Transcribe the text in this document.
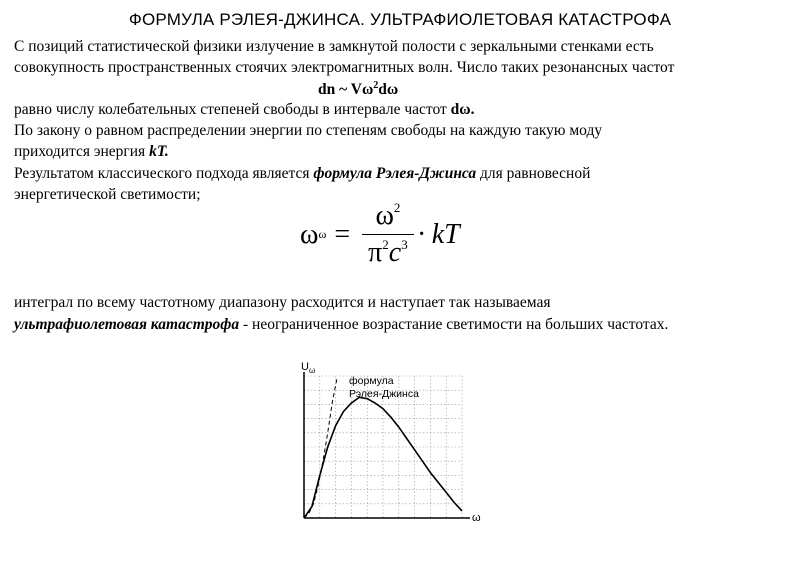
ФОРМУЛА РЭЛЕЯ-ДЖИНСА. УЛЬТРАФИОЛЕТОВАЯ КАТАСТРОФА
С позиций статистической физики излучение в замкнутой полости с зеркальными стенками есть
совокупность пространственных стоячих электромагнитных волн. Число таких резонансных частот
dn ~ $V\omega^2d\omega$
равно числу колебательных степеней свободы в интервале частот dω.
По закону о равном распределении энергии по степеням свободы на каждую такую моду
приходится энергия kT.
Результатом классического подхода является формула Рэлея-Джинса для равновесной
энергетической светимости;
ω $\omega = \frac{\omega^2}{\pi^2c^3}$ · kT
интеграл по всему частотному диапазону расходится и наступает так называемая
ультрафиолетовая катастрофа - неограниченное возрастание светимости на больших частотах.
$U_\omega$
ω
формула
Рэлея-Джинса
